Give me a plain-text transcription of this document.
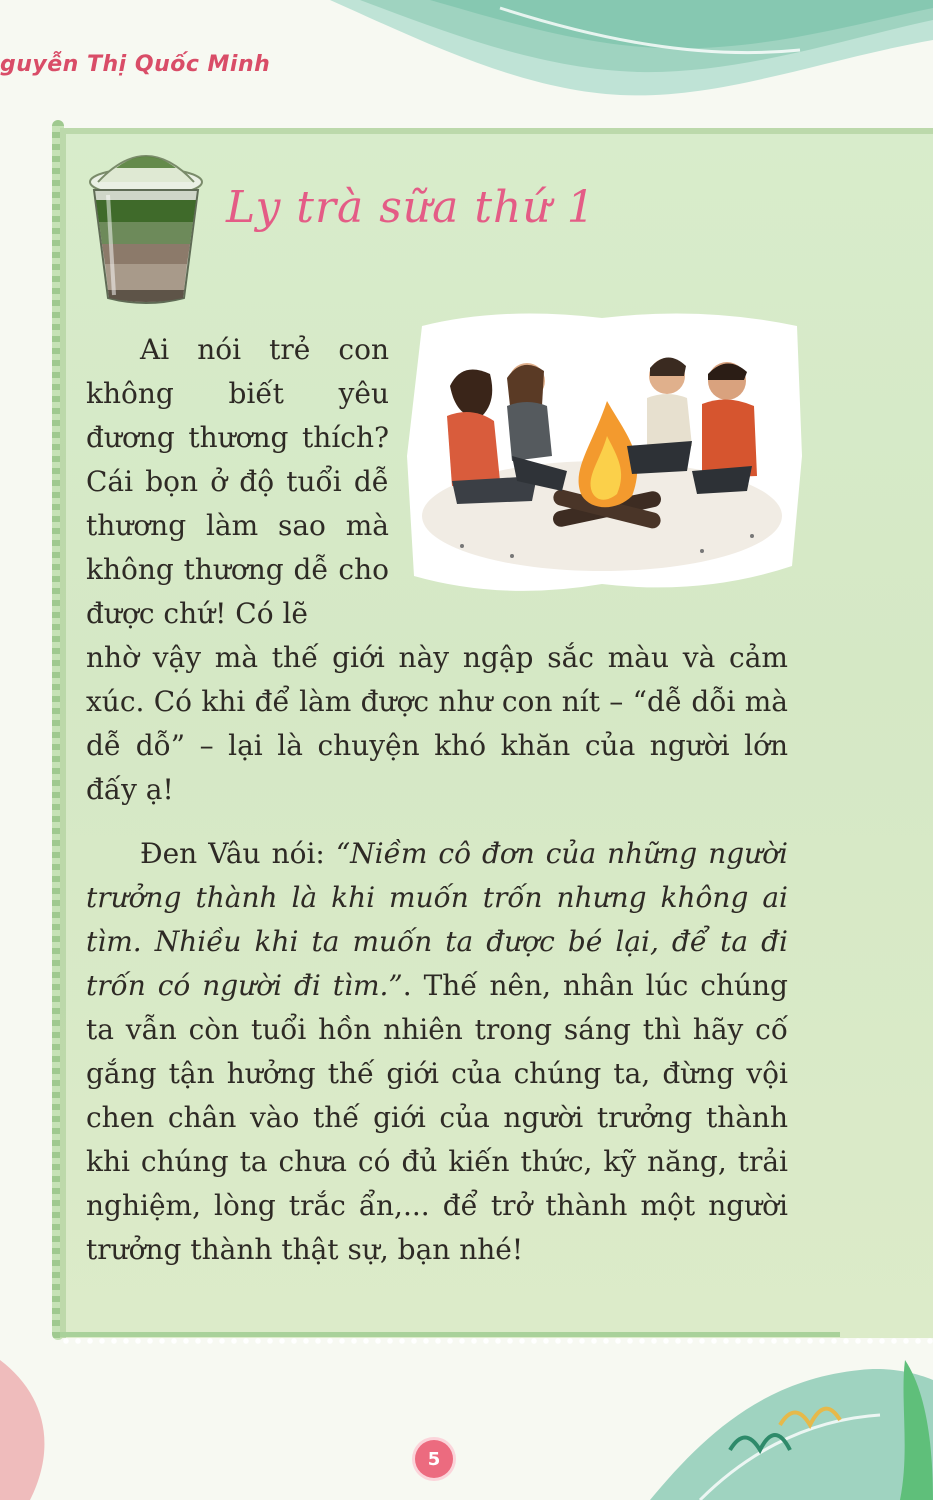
guyễn Thị Quốc Minh
Ly trà sữa thứ 1

Ai nói trẻ con không biết yêu đương thương thích? Cái bọn ở độ tuổi dễ thương làm sao mà không thương dễ cho được chứ! Có lẽ

nhờ vậy mà thế giới này ngập sắc màu và cảm xúc. Có khi để làm được như con nít – “dễ dỗi mà dễ dỗ” – lại là chuyện khó khăn của người lớn đấy ạ!

Đen Vâu nói: “Niềm cô đơn của những người trưởng thành là khi muốn trốn nhưng không ai tìm. Nhiều khi ta muốn ta được bé lại, để ta đi trốn có người đi tìm.”. Thế nên, nhân lúc chúng ta vẫn còn tuổi hồn nhiên trong sáng thì hãy cố gắng tận hưởng thế giới của chúng ta, đừng vội chen chân vào thế giới của người trưởng thành khi chúng ta chưa có đủ kiến thức, kỹ năng, trải nghiệm, lòng trắc ẩn,... để trở thành một người trưởng thành thật sự, bạn nhé!

5
